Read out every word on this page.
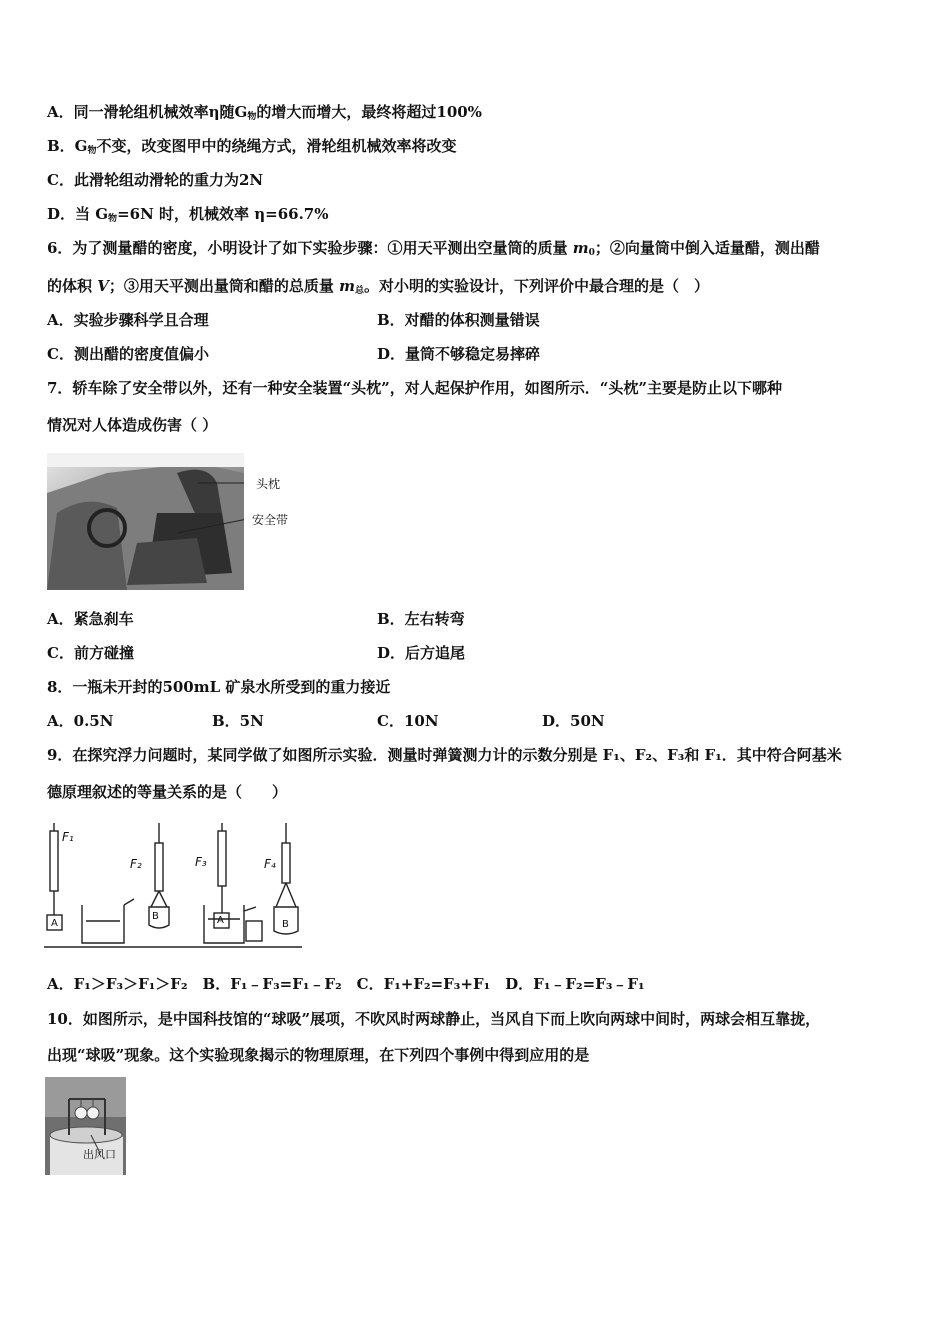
A．同一滑轮组机械效率η随$G_物$的增大而增大，最终将超过100%
B．$G_物$不变，改变图甲中的绕绳方式，滑轮组机械效率将改变
C．此滑轮组动滑轮的重力为2N
D．当 $G_物=6N$ 时，机械效率 η=66.7%
6．为了测量醋的密度，小明设计了如下实验步骤：①用天平测出空量筒的质量 $m_0$；②向量筒中倒入适量醋，测出醋
的体积 V；③用天平测出量筒和醋的总质量 $m_总$。对小明的实验设计，下列评价中最合理的是（　）
A．实验步骤科学且合理	B．对醋的体积测量错误
C．测出醋的密度值偏小	D．量筒不够稳定易摔碎
7．轿车除了安全带以外，还有一种安全装置“头枕”，对人起保护作用，如图所示．“头枕”主要是防止以下哪种
情况对人体造成伤害（ ）
头枕
安全带
A．紧急刹车	B．左右转弯
C．前方碰撞	D．后方追尾
8．一瓶未开封的500mL 矿泉水所受到的重力接近
A．0.5N	B．5N	C．10N	D．50N
9．在探究浮力问题时，某同学做了如图所示实验．测量时弹簧测力计的示数分别是 F₁、F₂、F₃和 F₁．其中符合阿基米
德原理叙述的等量关系的是（　　）
F₁
F₂	F₃	F₄
A
B	A	B
A．F₁＞F₃＞F₁＞F₂　B．F₁﹣F₃=F₁﹣F₂　C．F₁+F₂=F₃+F₁　D．F₁﹣F₂=F₃﹣F₁
10．如图所示，是中国科技馆的“球吸”展项，不吹风时两球静止，当风自下而上吹向两球中间时，两球会相互靠拢，
出现“球吸”现象。这个实验现象揭示的物理原理，在下列四个事例中得到应用的是
出风口
